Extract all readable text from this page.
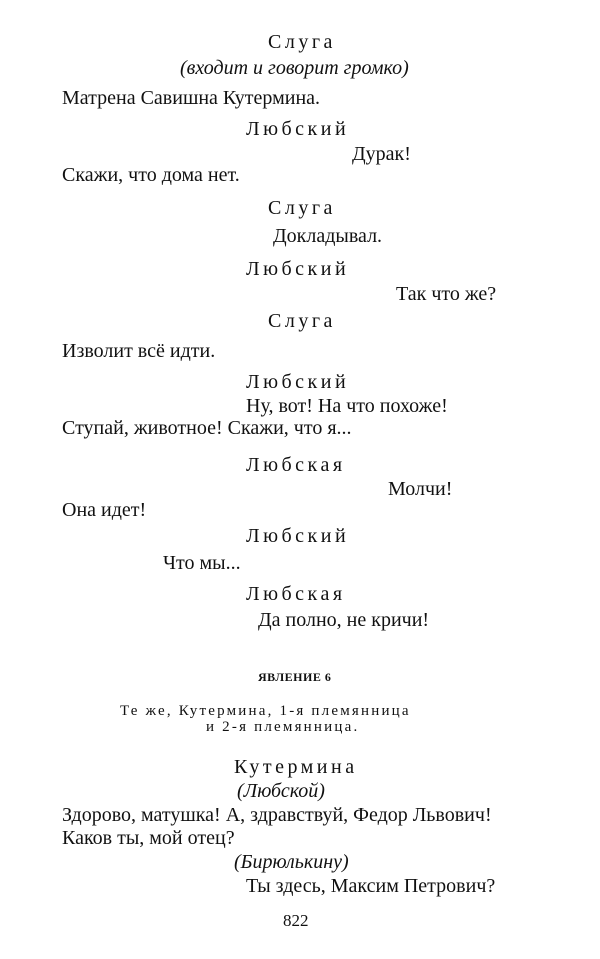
Слуга
(входит и говорит громко)
Матрена Савишна Кутермина.
Любский
Дурак!
Скажи, что дома нет.
Слуга
Докладывал.
Любский
Так что же?
Слуга
Изволит всё идти.
Любский
Ну, вот! На что похоже!
Ступай, животное! Скажи, что я...
Любская
Молчи!
Она идет!
Любский
Что мы...
Любская
Да полно, не кричи!
ЯВЛЕНИЕ 6
Те же, Кутермина, 1-я племянница
и 2-я племянница.
Кутермина
(Любской)
Здорово, матушка! А, здравствуй, Федор Львович!
Каков ты, мой отец?
(Бирюлькину)
Ты здесь, Максим Петрович?
822
